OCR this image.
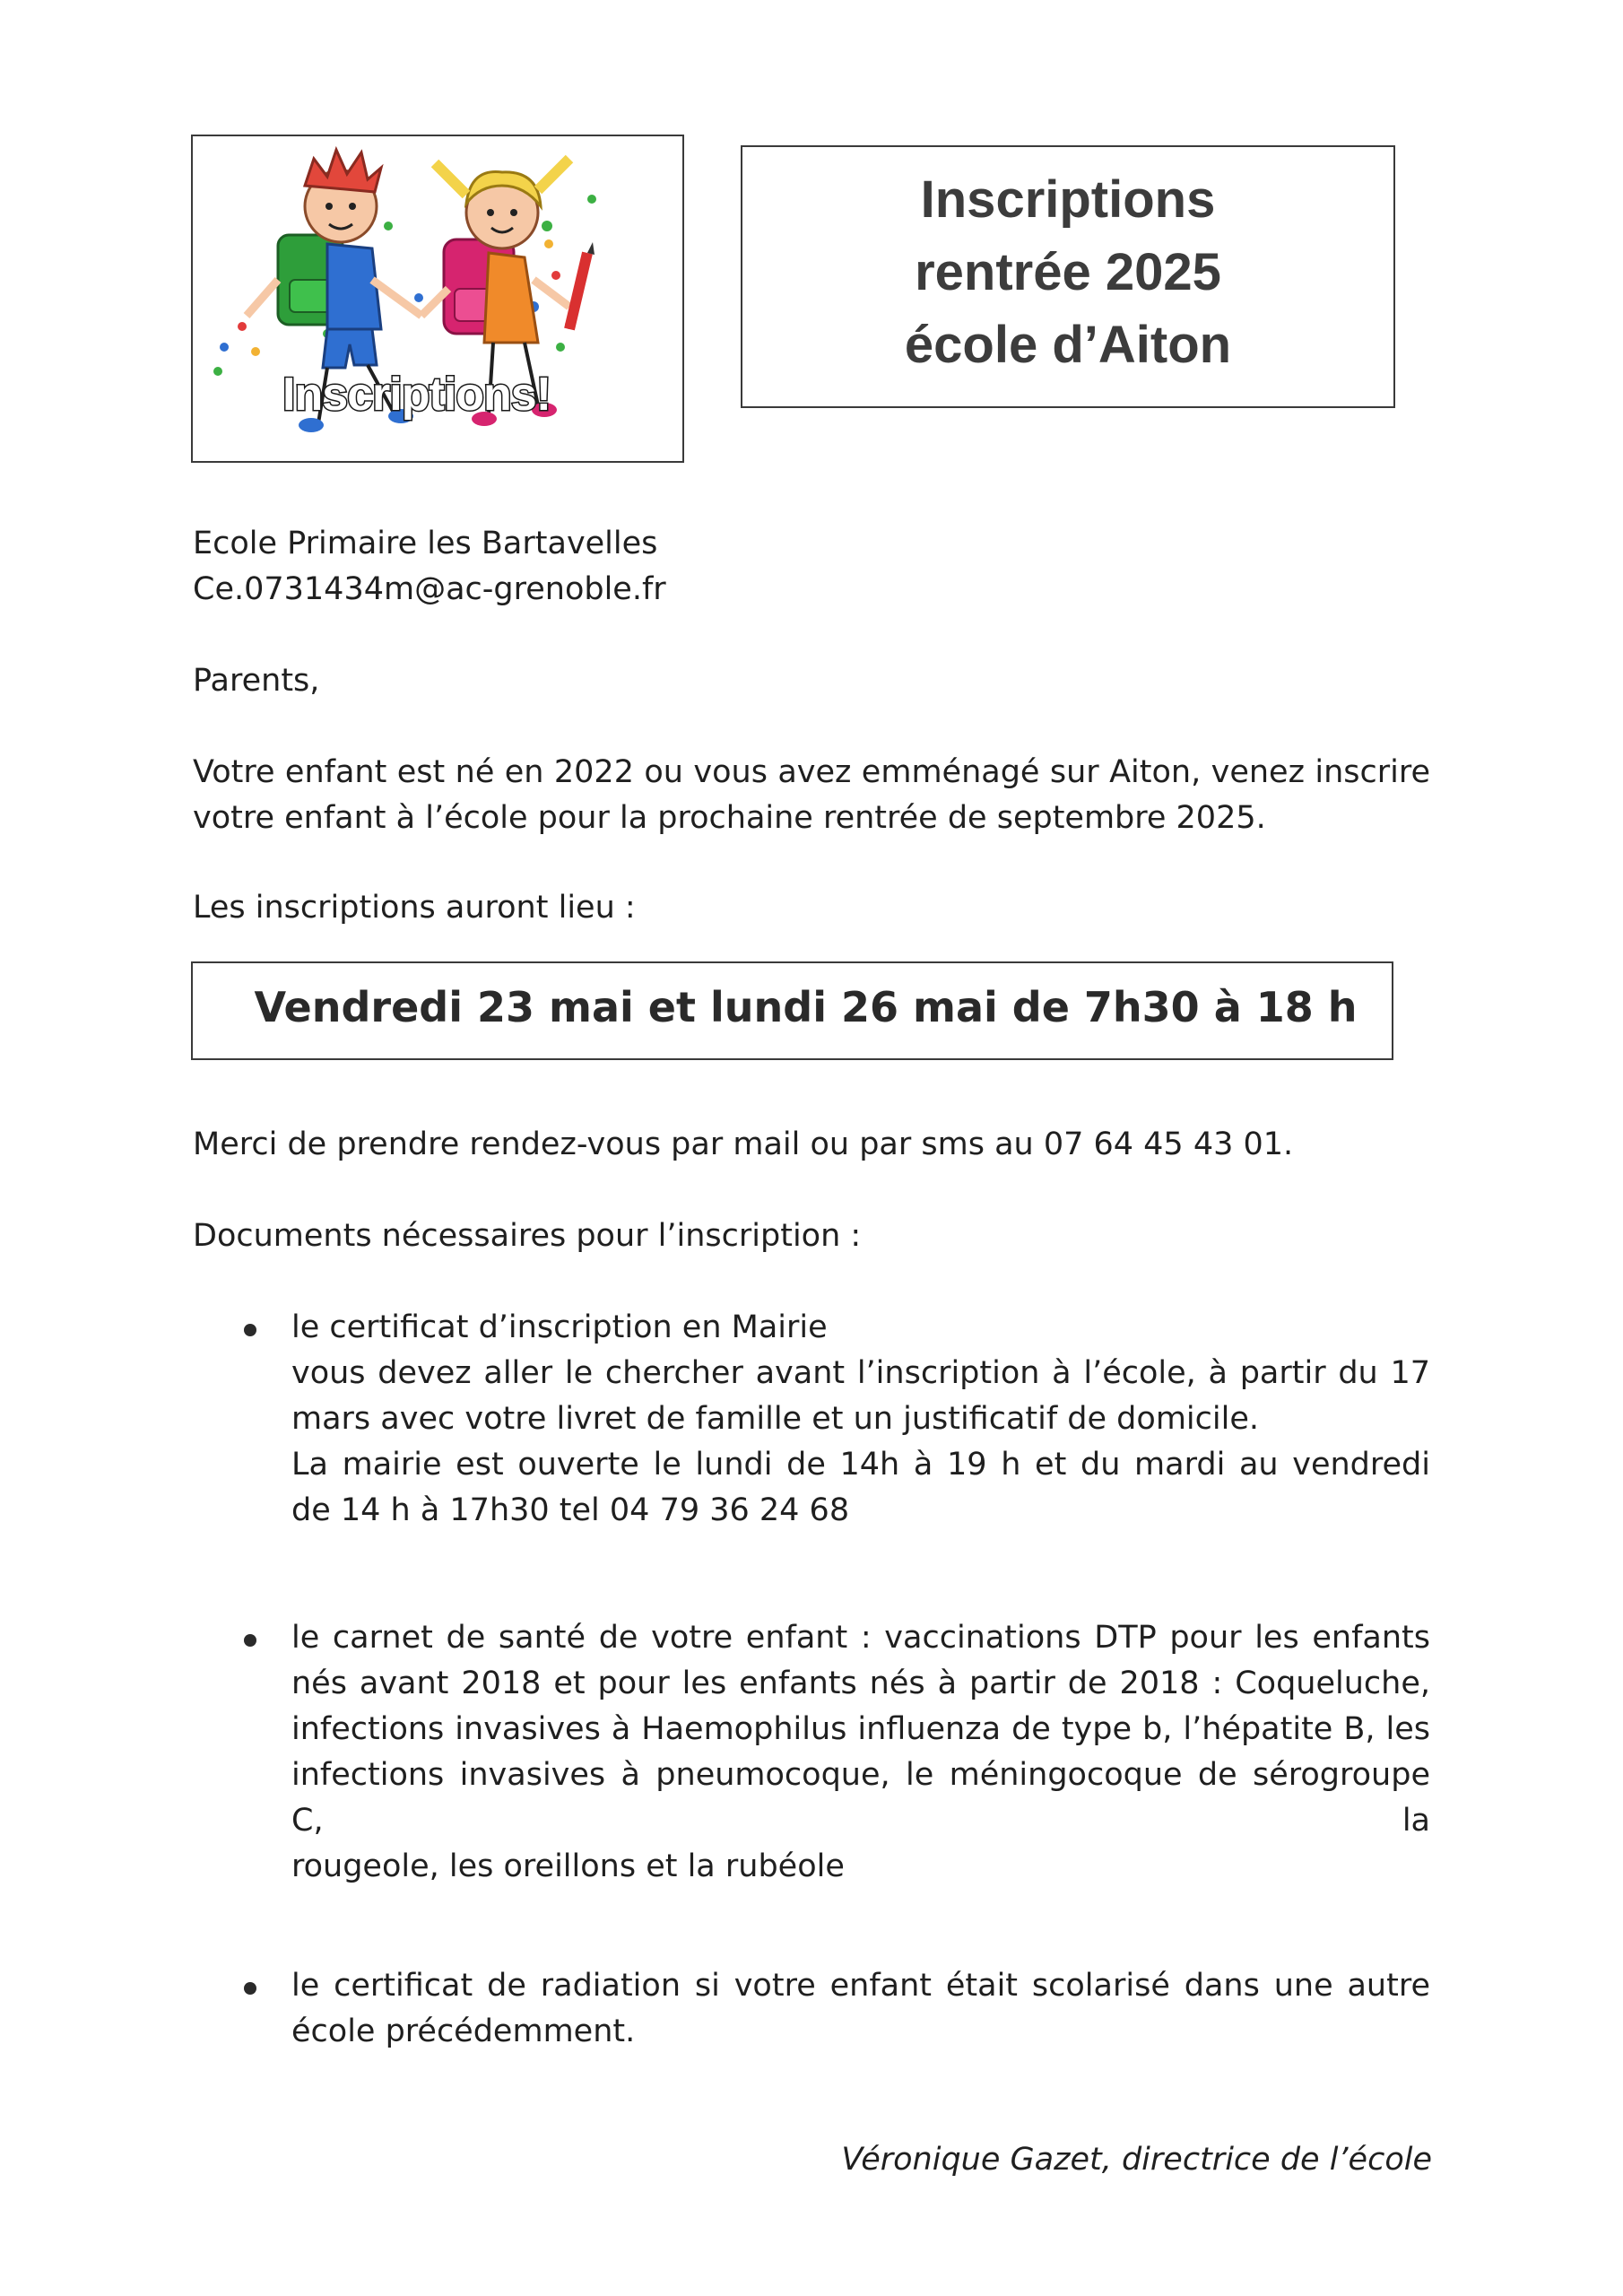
Inscriptions!
Inscriptions
rentrée 2025
école d’Aiton
Ecole Primaire les Bartavelles
Ce.0731434m@ac-grenoble.fr
Parents,
Votre enfant est né en 2022 ou vous avez emménagé sur Aiton, venez inscrire
votre enfant à l’école pour la prochaine rentrée de septembre 2025.
Les inscriptions auront lieu :
Vendredi 23 mai et lundi 26 mai de 7h30 à 18 h
Merci de prendre rendez-vous par mail ou par sms au 07 64 45 43 01.
Documents nécessaires pour l’inscription :
le certificat d’inscription en Mairie
vous devez aller le chercher avant l’inscription à l’école, à partir du 17
mars avec votre livret de famille et un justificatif de domicile.
La mairie est ouverte le lundi de 14h à 19 h et du mardi au vendredi
de 14 h à 17h30 tel 04 79 36 24 68
le carnet de santé de votre enfant : vaccinations DTP pour les enfants
nés avant 2018 et pour les enfants nés à partir de 2018 : Coqueluche,
infections invasives à Haemophilus influenza de type b, l’hépatite B, les
infections invasives à pneumocoque, le méningocoque de sérogroupe C, la
rougeole, les oreillons et la rubéole
le certificat de radiation si votre enfant était scolarisé dans une autre
école précédemment.
Véronique Gazet, directrice de l’école
